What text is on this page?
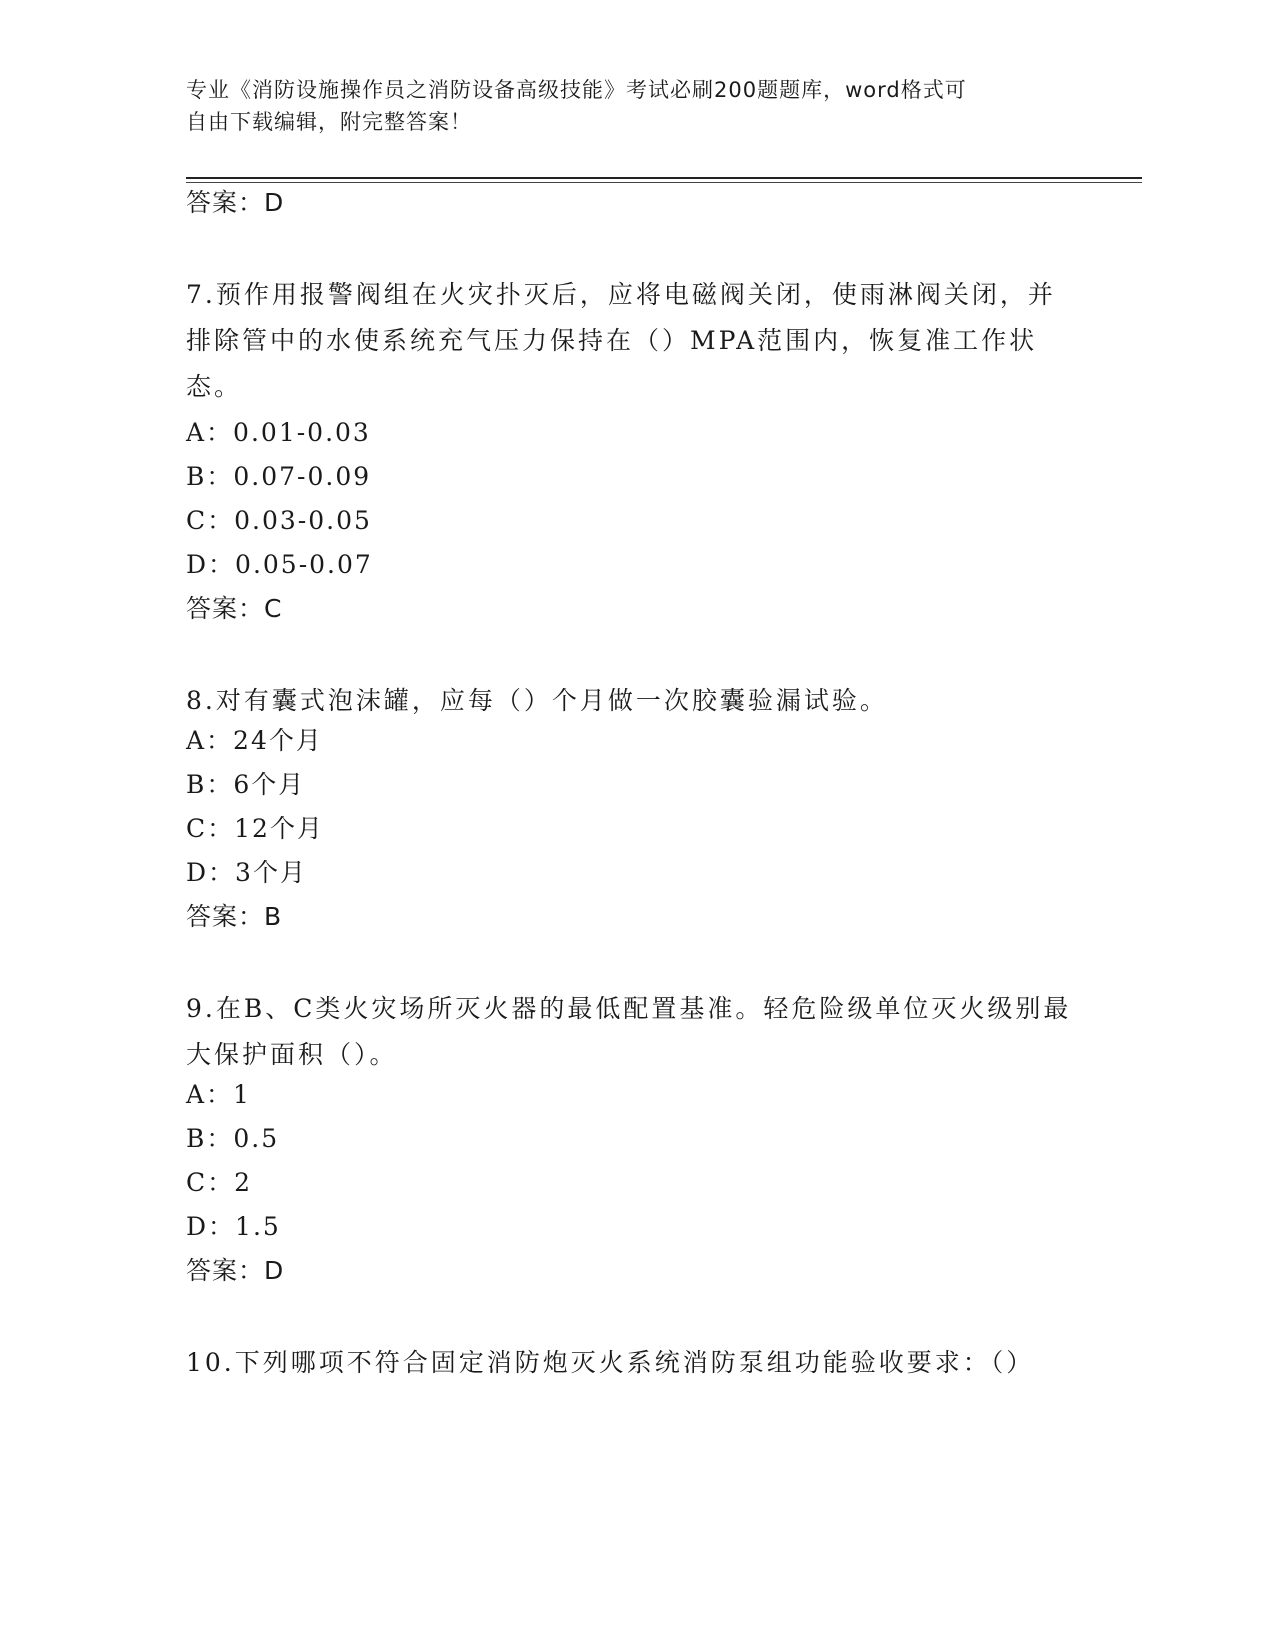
专业《消防设施操作员之消防设备高级技能》考试必刷200题题库，word格式可
自由下载编辑，附完整答案！
答案：D
7.预作用报警阀组在火灾扑灭后，应将电磁阀关闭，使雨淋阀关闭，并排除管中的水使系统充气压力保持在（）MPA范围内，恢复准工作状态。
A：0.01-0.03
B：0.07-0.09
C：0.03-0.05
D：0.05-0.07
答案：C
8.对有囊式泡沫罐，应每（）个月做一次胶囊验漏试验。
A：24个月
B：6个月
C：12个月
D：3个月
答案：B
9.在B、C类火灾场所灭火器的最低配置基准。轻危险级单位灭火级别最大保护面积（）。
A：1
B：0.5
C：2
D：1.5
答案：D
10.下列哪项不符合固定消防炮灭火系统消防泵组功能验收要求：（）
